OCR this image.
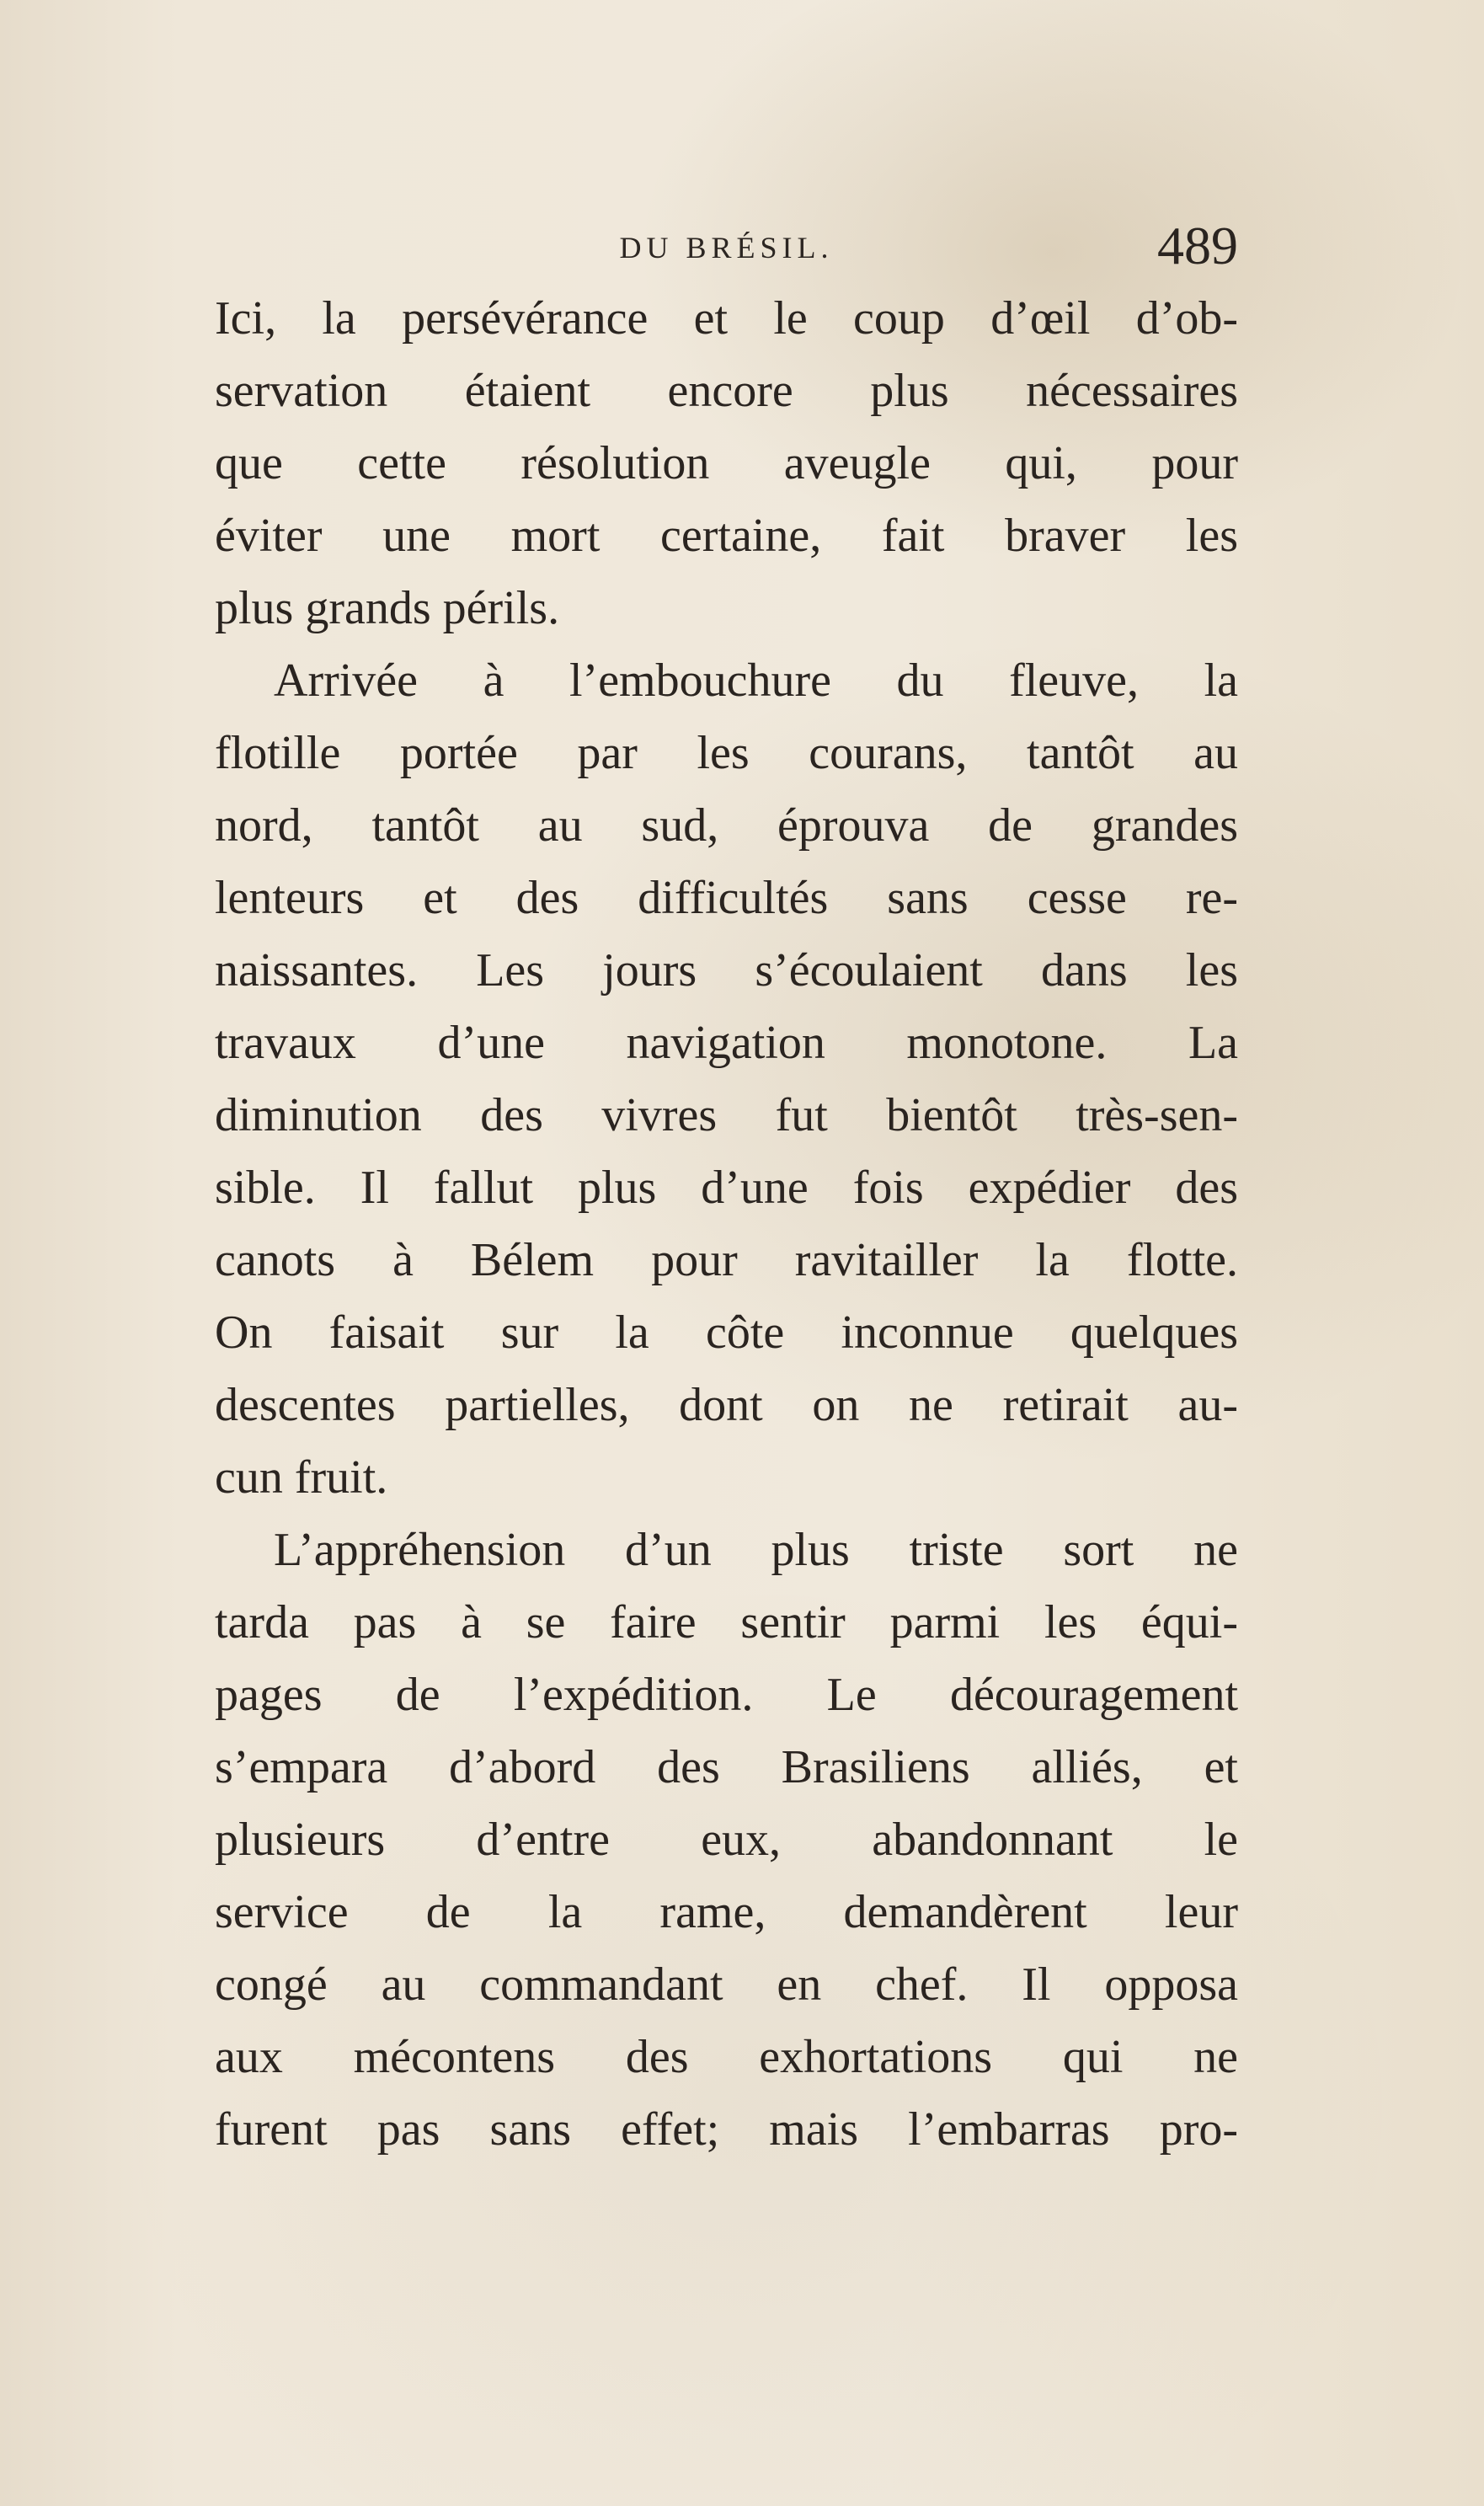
DU BRÉSIL.	489
Ici, la persévérance et le coup d’œil d’ob-
servation étaient encore plus nécessaires
que cette résolution aveugle qui, pour
éviter une mort certaine, fait braver les
plus grands périls.
Arrivée à l’embouchure du fleuve, la
flotille portée par les courans, tantôt au
nord, tantôt au sud, éprouva de grandes
lenteurs et des difficultés sans cesse re-
naissantes. Les jours s’écoulaient dans les
travaux d’une navigation monotone. La
diminution des vivres fut bientôt très-sen-
sible. Il fallut plus d’une fois expédier des
canots à Bélem pour ravitailler la flotte.
On faisait sur la côte inconnue quelques
descentes partielles, dont on ne retirait au-
cun fruit.
L’appréhension d’un plus triste sort ne
tarda pas à se faire sentir parmi les équi-
pages de l’expédition. Le découragement
s’empara d’abord des Brasiliens alliés, et
plusieurs d’entre eux, abandonnant le
service de la rame, demandèrent leur
congé au commandant en chef. Il opposa
aux mécontens des exhortations qui ne
furent pas sans effet; mais l’embarras pro-
